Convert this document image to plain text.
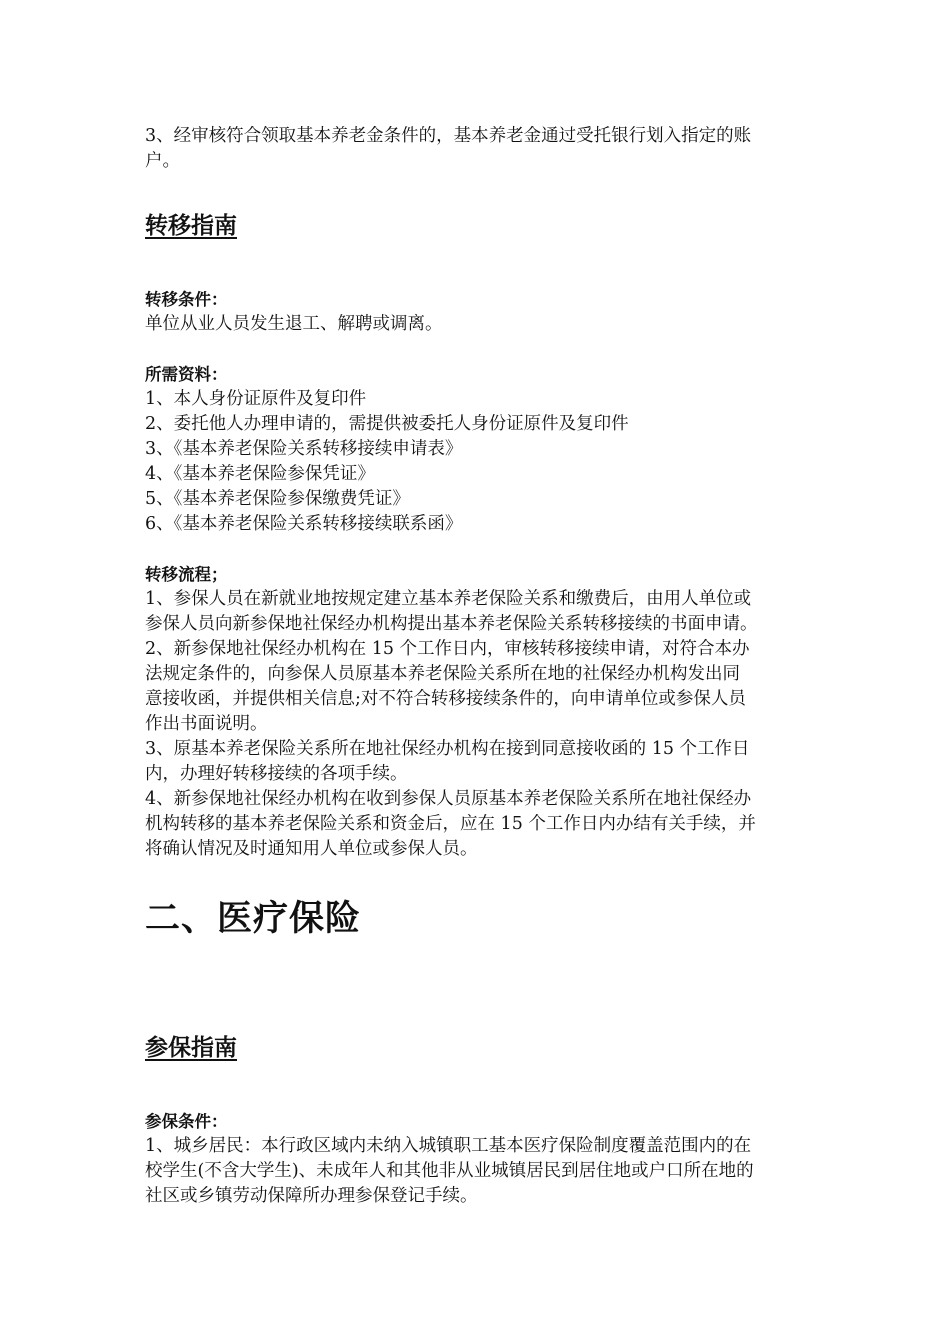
3、经审核符合领取基本养老金条件的，基本养老金通过受托银行划入指定的账
户。
转移指南
转移条件：
单位从业人员发生退工、解聘或调离。
所需资料：
1、本人身份证原件及复印件
2、委托他人办理申请的，需提供被委托人身份证原件及复印件
3、《基本养老保险关系转移接续申请表》
4、《基本养老保险参保凭证》
5、《基本养老保险参保缴费凭证》
6、《基本养老保险关系转移接续联系函》
转移流程；
1、参保人员在新就业地按规定建立基本养老保险关系和缴费后，由用人单位或
参保人员向新参保地社保经办机构提出基本养老保险关系转移接续的书面申请。
2、新参保地社保经办机构在 15 个工作日内，审核转移接续申请，对符合本办
法规定条件的，向参保人员原基本养老保险关系所在地的社保经办机构发出同
意接收函，并提供相关信息;对不符合转移接续条件的，向申请单位或参保人员
作出书面说明。
3、原基本养老保险关系所在地社保经办机构在接到同意接收函的 15 个工作日
内，办理好转移接续的各项手续。
4、新参保地社保经办机构在收到参保人员原基本养老保险关系所在地社保经办
机构转移的基本养老保险关系和资金后，应在 15 个工作日内办结有关手续，并
将确认情况及时通知用人单位或参保人员。
二、医疗保险
参保指南
参保条件：
1、城乡居民：本行政区域内未纳入城镇职工基本医疗保险制度覆盖范围内的在
校学生(不含大学生)、未成年人和其他非从业城镇居民到居住地或户口所在地的
社区或乡镇劳动保障所办理参保登记手续。
